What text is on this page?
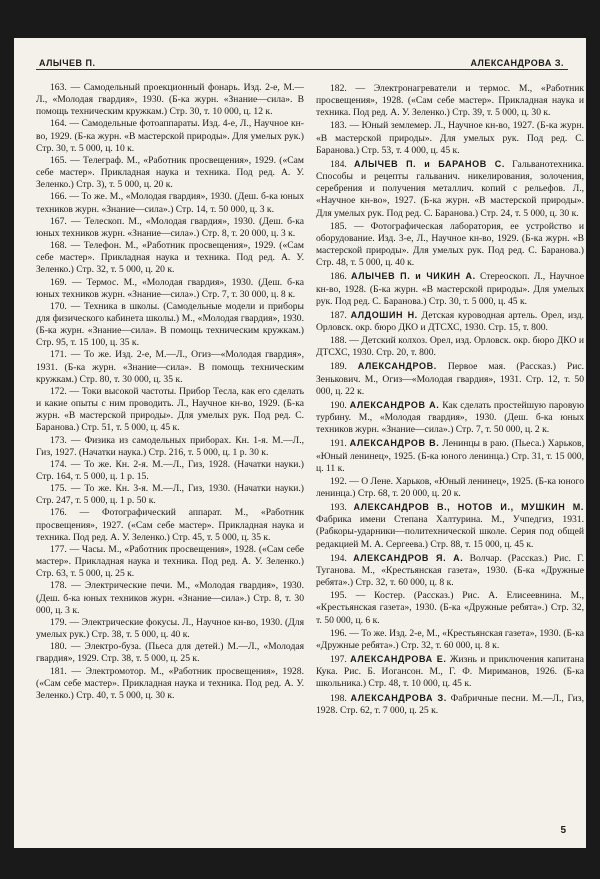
АЛЫЧЕВ П.	АЛЕКСАНДРОВА З.

163. — Самодельный проекционный фонарь. Изд. 2-е, М.—Л., «Молодая гвардия», 1930. (Б-ка журн. «Знание—сила». В помощь техническим кружкам.) Стр. 30, т. 10 000, ц. 12 к.

164. — Самодельные фотоаппараты. Изд. 4-е, Л., Научное кн-во, 1929. (Б-ка журн. «В мастерской природы». Для умелых рук.) Стр. 30, т. 5 000, ц. 10 к.

165. — Телеграф. М., «Работник просвещения», 1929. («Сам себе мастер». Прикладная наука и техника. Под ред. А. У. Зеленко.) Стр. 3), т. 5 000, ц. 20 к.

166. — То же. М., «Молодая гвардия», 1930. (Деш. б-ка юных техников журн. «Знание—сила».) Стр. 14, т. 50 000, ц. 3 к.

167. — Телескоп. М., «Молодая гвардия», 1930. (Деш. б-ка юных техников журн. «Знание—сила».) Стр. 8, т. 20 000, ц. 3 к.

168. — Телефон. М., «Работник просвещения», 1929. («Сам себе мастер». Прикладная наука и техника. Под ред. А. У. Зеленко.) Стр. 32, т. 5 000, ц. 20 к.

169. — Термос. М., «Молодая гвардия», 1930. (Деш. б-ка юных техников журн. «Знание—сила».) Стр. 7, т. 30 000, ц. 8 к.

170. — Техника в школы. (Самодельные модели и приборы для физического кабинета школы.) М., «Молодая гвардия», 1930. (Б-ка журн. «Знание—сила». В помощь техническим кружкам.) Стр. 95, т. 15 100, ц. 35 к.

171. — То же. Изд. 2-е, М.—Л., Огиз—«Молодая гвардия», 1931. (Б-ка журн. «Знание—сила». В помощь техническим кружкам.) Стр. 80, т. 30 000, ц. 35 к.

172. — Токи высокой частоты. Прибор Тесла, как его сделать и какие опыты с ним проводить. Л., Научное кн-во, 1929. (Б-ка журн. «В мастерской природы». Для умелых рук. Под ред. С. Баранова.) Стр. 51, т. 5 000, ц. 45 к.

173. — Физика из самодельных приборах. Кн. 1-я. М.—Л., Гиз, 1927. (Начатки наука.) Стр. 216, т. 5 000, ц. 1 р. 30 к.

174. — То же. Кн. 2-я. М.—Л., Гиз, 1928. (Начатки науки.) Стр. 164, т. 5 000, ц. 1 р. 15.

175. — То же. Кн. 3-я. М.—Л., Гиз, 1930. (Начатки науки.) Стр. 247, т. 5 000, ц. 1 р. 50 к.

176. — Фотографический аппарат. М., «Работник просвещения», 1927. («Сам себе мастер». Прикладная наука и техника. Под ред. А. У. Зеленко.) Стр. 45, т. 5 000, ц. 35 к.

177. — Часы. М., «Работник просвещения», 1928. («Сам себе мастер». Прикладная наука и техника. Под ред. А. У. Зеленко.) Стр. 63, т. 5 000, ц. 25 к.

178. — Электрические печи. М., «Молодая гвардия», 1930. (Деш. б-ка юных техников журн. «Знание—сила».) Стр. 8, т. 30 000, ц. 3 к.

179. — Электрические фокусы. Л., Научное кн-во, 1930. (Для умелых рук.) Стр. 38, т. 5 000, ц. 40 к.

180. — Электро-буза. (Пьеса для детей.) М.—Л., «Молодая гвардия», 1929. Стр. 38, т. 5 000, ц. 25 к.

181. — Электромотор. М., «Работник просвещения», 1928. («Сам себе мастер». Прикладная наука и техника. Под ред. А. У. Зеленко.) Стр. 40, т. 5 000, ц. 30 к.

182. — Электронагреватели и термос. М., «Работник просвещения», 1928. («Сам себе мастер». Прикладная наука и техника. Под ред. А. У. Зеленко.) Стр. 39, т. 5 000, ц. 30 к.

183. — Юный землемер. Л., Научное кн-во, 1927. (Б-ка журн. «В мастерской природы». Для умелых рук. Под ред. С. Баранова.) Стр. 53, т. 4 000, ц. 45 к.

184. АЛЫЧЕВ П. и БАРАНОВ С. Гальванотехника. Способы и рецепты гальванич. никелирования, золочения, серебрения и получения металлич. копий с рельефов. Л., «Научное кн-во», 1927. (Б-ка журн. «В мастерской природы». Для умелых рук. Под ред. С. Баранова.) Стр. 24, т. 5 000, ц. 30 к.

185. — Фотографическая лаборатория, ее устройство и оборудование. Изд. 3-е, Л., Научное кн-во, 1929. (Б-ка журн. «В мастерской природы». Для умелых рук. Под ред. С. Баранова.) Стр. 48, т. 5 000, ц. 40 к.

186. АЛЫЧЕВ П. и ЧИКИН А. Стереоскоп. Л., Научное кн-во, 1928. (Б-ка журн. «В мастерской природы». Для умелых рук. Под ред. С. Баранова.) Стр. 30, т. 5 000, ц. 45 к.

187. АЛДОШИН Н. Детская куроводная артель. Орел, изд. Орловск. окр. бюро ДКО и ДТСХС, 1930. Стр. 15, т. 800.

188. — Детский колхоз. Орел, изд. Орловск. окр. бюро ДКО и ДТСХС, 1930. Стр. 20, т. 800.

189. АЛЕКСАНДРОВ. Первое мая. (Рассказ.) Рис. Зенькович. М., Огиз—«Молодая гвардия», 1931. Стр. 12, т. 50 000, ц. 22 к.

190. АЛЕКСАНДРОВ А. Как сделать простейшую паровую турбину. М., «Молодая гвардия», 1930. (Деш. б-ка юных техников журн. «Знание—сила».) Стр. 7, т. 50 000, ц. 2 к.

191. АЛЕКСАНДРОВ В. Ленинцы в раю. (Пьеса.) Харьков, «Юный ленинец», 1925. (Б-ка юного ленинца.) Стр. 31, т. 15 000, ц. 11 к.

192. — О Лене. Харьков, «Юный ленинец», 1925. (Б-ка юного ленинца.) Стр. 68, т. 20 000, ц. 20 к.

193. АЛЕКСАНДРОВ В., НОТОВ И., МУШКИН М. Фабрика имени Степана Халтурина. М., Учпедгиз, 1931. (Рабкоры-ударники—политехнической школе. Серия под общей редакцией М. А. Сергеева.) Стр. 88, т. 15 000, ц. 45 к.

194. АЛЕКСАНДРОВ Я. А. Волчар. (Рассказ.) Рис. Г. Туганова. М., «Крестьянская газета», 1930. (Б-ка «Дружные ребята».) Стр. 32, т. 60 000, ц. 8 к.

195. — Костер. (Рассказ.) Рис. А. Елисеевнина. М., «Крестьянская газета», 1930. (Б-ка «Дружные ребята».) Стр. 32, т. 50 000, ц. 6 к.

196. — То же. Изд. 2-е, М., «Крестьянская газета», 1930. (Б-ка «Дружные ребята».) Стр. 32, т. 60 000, ц. 8 к.

197. АЛЕКСАНДРОВА Е. Жизнь и приключения капитана Кука. Рис. Б. Иогансон. М., Г. Ф. Мириманов, 1926. (Б-ка школьника.) Стр. 48, т. 10 000, ц. 45 к.

198. АЛЕКСАНДРОВА З. Фабричные песни. М.—Л., Гиз, 1928. Стр. 62, т. 7 000, ц. 25 к.

5
